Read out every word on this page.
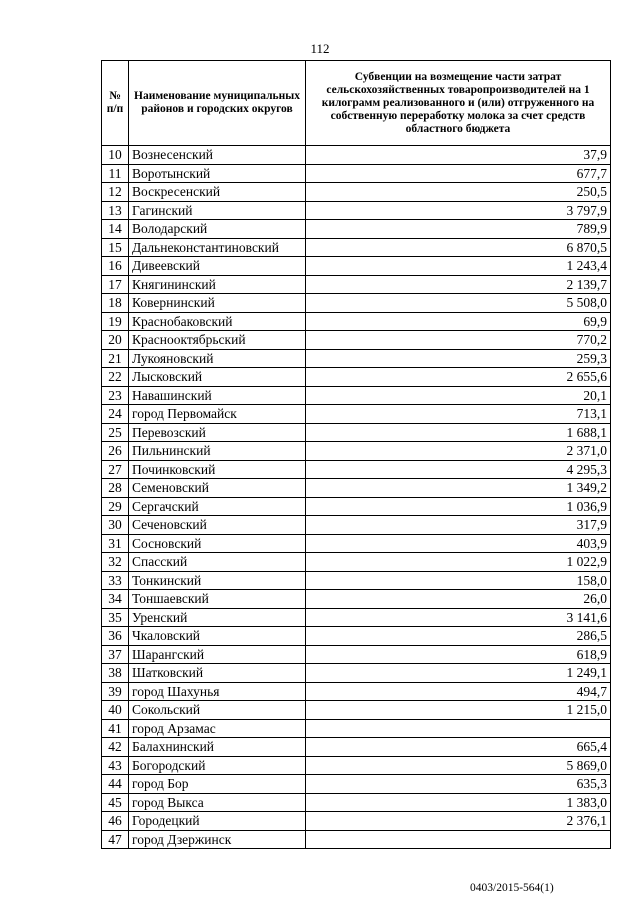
112
№ п/п	Наименование муниципальных районов и городских округов	Субвенции на возмещение части затрат сельскохозяйственных товаропроизводителей на 1 килограмм реализованного и (или) отгруженного на собственную переработку молока за счет средств областного бюджета
10	Вознесенский	37,9
11	Воротынский	677,7
12	Воскресенский	250,5
13	Гагинский	3 797,9
14	Володарский	789,9
15	Дальнеконстантиновский	6 870,5
16	Дивеевский	1 243,4
17	Княгининский	2 139,7
18	Ковернинский	5 508,0
19	Краснобаковский	69,9
20	Краснооктябрьский	770,2
21	Лукояновский	259,3
22	Лысковский	2 655,6
23	Навашинский	20,1
24	город Первомайск	713,1
25	Перевозский	1 688,1
26	Пильнинский	2 371,0
27	Починковский	4 295,3
28	Семеновский	1 349,2
29	Сергачский	1 036,9
30	Сеченовский	317,9
31	Сосновский	403,9
32	Спасский	1 022,9
33	Тонкинский	158,0
34	Тоншаевский	26,0
35	Уренский	3 141,6
36	Чкаловский	286,5
37	Шарангский	618,9
38	Шатковский	1 249,1
39	город Шахунья	494,7
40	Сокольский	1 215,0
41	город Арзамас	
42	Балахнинский	665,4
43	Богородский	5 869,0
44	город Бор	635,3
45	город Выкса	1 383,0
46	Городецкий	2 376,1
47	город Дзержинск	
0403/2015-564(1)
